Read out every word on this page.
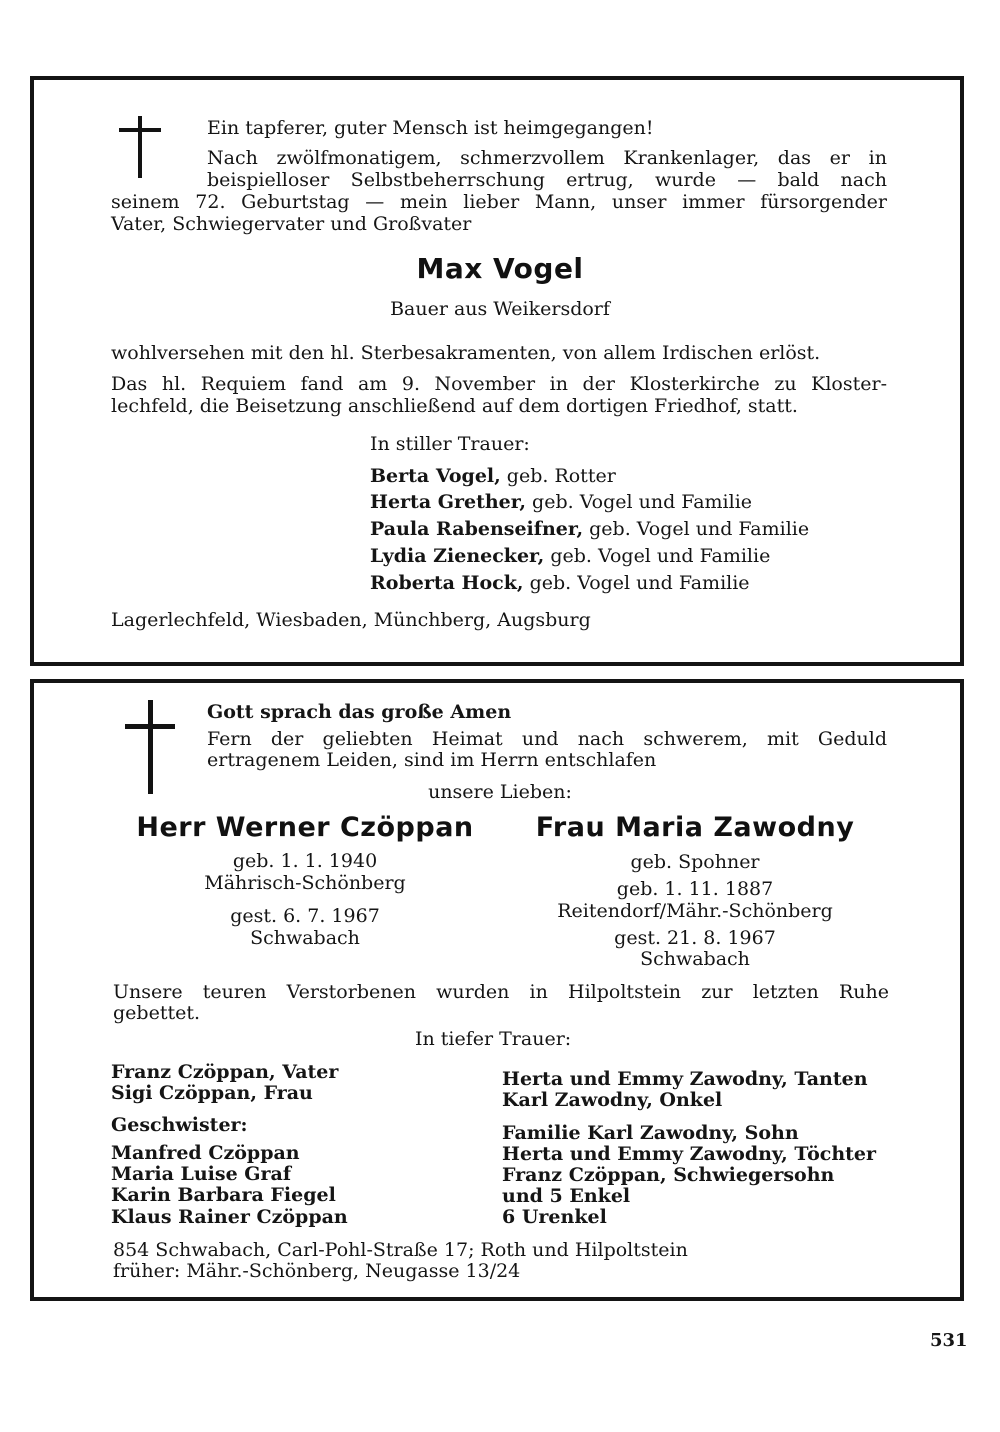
Ein tapferer, guter Mensch ist heimgegangen!
Nach zwölfmonatigem, schmerzvollem Krankenlager, das er in
beispielloser Selbstbeherrschung ertrug, wurde — bald nach
seinem 72. Geburtstag — mein lieber Mann, unser immer fürsorgender
Vater, Schwiegervater und Großvater
Max Vogel
Bauer aus Weikersdorf
wohlversehen mit den hl. Sterbesakramenten, von allem Irdischen erlöst.
Das hl. Requiem fand am 9. November in der Klosterkirche zu Kloster-
lechfeld, die Beisetzung anschließend auf dem dortigen Friedhof, statt.
In stiller Trauer:
Berta Vogel, geb. Rotter
Herta Grether, geb. Vogel und Familie
Paula Rabenseifner, geb. Vogel und Familie
Lydia Zienecker, geb. Vogel und Familie
Roberta Hock, geb. Vogel und Familie
Lagerlechfeld, Wiesbaden, Münchberg, Augsburg
Gott sprach das große Amen
Fern der geliebten Heimat und nach schwerem, mit Geduld
ertragenem Leiden, sind im Herrn entschlafen
unsere Lieben:
Herr Werner Czöppan
geb. 1. 1. 1940
Mährisch-Schönberg
gest. 6. 7. 1967
Schwabach
Frau Maria Zawodny
geb. Spohner
geb. 1. 11. 1887
Reitendorf/Mähr.-Schönberg
gest. 21. 8. 1967
Schwabach
Unsere teuren Verstorbenen wurden in Hilpoltstein zur letzten Ruhe
gebettet.
In tiefer Trauer:
Franz Czöppan, Vater
Sigi Czöppan, Frau
Geschwister:
Manfred Czöppan
Maria Luise Graf
Karin Barbara Fiegel
Klaus Rainer Czöppan
Herta und Emmy Zawodny, Tanten
Karl Zawodny, Onkel
Familie Karl Zawodny, Sohn
Herta und Emmy Zawodny, Töchter
Franz Czöppan, Schwiegersohn
und 5 Enkel
6 Urenkel
854 Schwabach, Carl-Pohl-Straße 17; Roth und Hilpoltstein
früher: Mähr.-Schönberg, Neugasse 13/24
531
